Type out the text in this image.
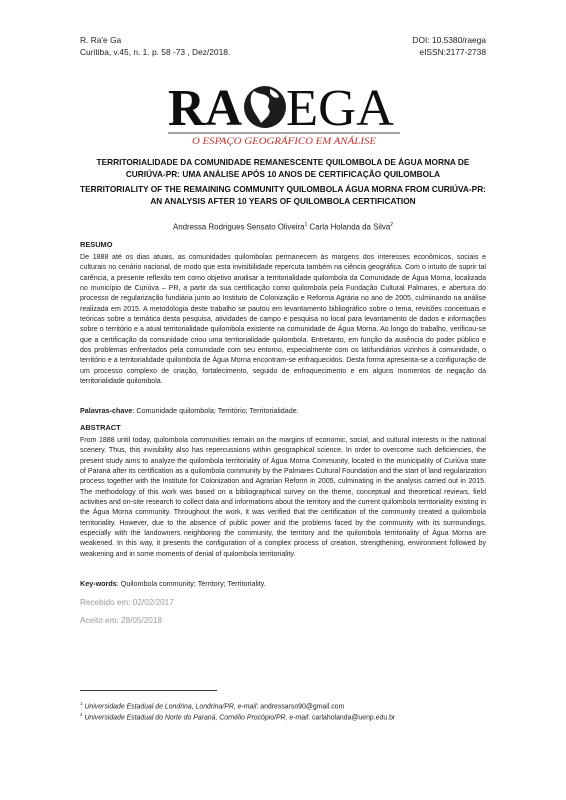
R. Ra'e Ga
Curitiba, v.45, n. 1. p. 58 -73 , Dez/2018.
DOI: 10.5380/raega
eISSN:2177-2738
RA EGA
O ESPAÇO GEOGRÁFICO EM ANÁLISE
TERRITORIALIDADE DA COMUNIDADE REMANESCENTE QUILOMBOLA DE ÁGUA MORNA DE CURIÚVA-PR: UMA ANÁLISE APÓS 10 ANOS DE CERTIFICAÇÃO QUILOMBOLA
TERRITORIALITY OF THE REMAINING COMMUNITY QUILOMBOLA ÁGUA MORNA FROM CURIÚVA-PR: AN ANALYSIS AFTER 10 YEARS OF QUILOMBOLA CERTIFICATION
Andressa Rodrigues Sensato Oliveira$^1$ Carla Holanda da Silva$^2$
RESUMO
De 1888 até os dias atuais, as comunidades quilombolas permanecem às margens dos interesses econômicos, sociais e culturais no cenário nacional, de modo que esta invisibilidade repercuta também na ciência geográfica. Com o intuito de suprir tal carência, a presente reflexão tem como objetivo analisar a territorialidade quilombola da Comunidade de Água Morna, localizada no município de Curiúva – PR, a partir da sua certificação como quilombola pela Fundação Cultural Palmares, e abertura do processo de regularização fundiária junto ao Instituto de Colonização e Reforma Agrária no ano de 2005, culminando na análise realizada em 2015. A metodologia deste trabalho se pautou em levantamento bibliográfico sobre o tema, revisões conceituais e teóricas sobre a temática desta pesquisa, atividades de campo e pesquisa no local para levantamento de dados e informações sobre o território e a atual territorialidade quilombola existente na comunidade de Água Morna. Ao longo do trabalho, verificou-se que a certificação da comunidade criou uma territorialidade quilombola. Entretanto, em função da ausência do poder público e dos problemas enfrentados pela comunidade com seu entorno, especialmente com os latifundiários vizinhos à comunidade, o território e a territorialidade quilombola de Água Morna encontram-se enfraquecidos. Desta forma apresenta-se a configuração de um processo complexo de criação, fortalecimento, seguido de enfraquecimento e em alguns momentos de negação da territorialidade quilombola.
Palavras-chave: Comunidade quilombola; Território; Territorialidade.
ABSTRACT
From 1888 until today, quilombola communities remain on the margins of economic, social, and cultural interests in the national scenery. Thus, this invisibility also has repercussions within geographical science. In order to overcome such deficiencies, the present study aims to analyze the quilombola territoriality of Água Morna Community, located in the municipality of Curiúva state of Paraná after its certification as a quilombola community by the Palmares Cultural Foundation and the start of land regularization process together with the Institute for Colonization and Agrarian Reform in 2005, culminating in the analysis carried out in 2015. The methodology of this work was based on a bibliographical survey on the theme, conceptual and theoretical reviews, field activities and on-site research to collect data and informations about the territory and the current quilombola territoriality existing in the Água Morna community. Throughout the work, it was verified that the certification of the community created a quilombola territoriality. However, due to the absence of public power and the problems faced by the community with its surroundings, especially with the landowners neighboring the community, the territory and the quilombola territoriality of Água Morna are weakened. In this way, it presents the configuration of a complex process of creation, strengthening, environment followed by weakening and in some moments of denial of quilombola territoriality.
Key-words: Quilombola community; Territory; Territoriality.
Recebido em: 02/02/2017
Aceito em: 28/05/2018
$^1$ Universidade Estadual de Londrina, Londrina/PR, e-mail: andressarso90@gmail.com
$^2$ Universidade Estadual do Norte do Paraná, Cornélio Procópio/PR, e-mail: carlaholanda@uenp.edu.br
